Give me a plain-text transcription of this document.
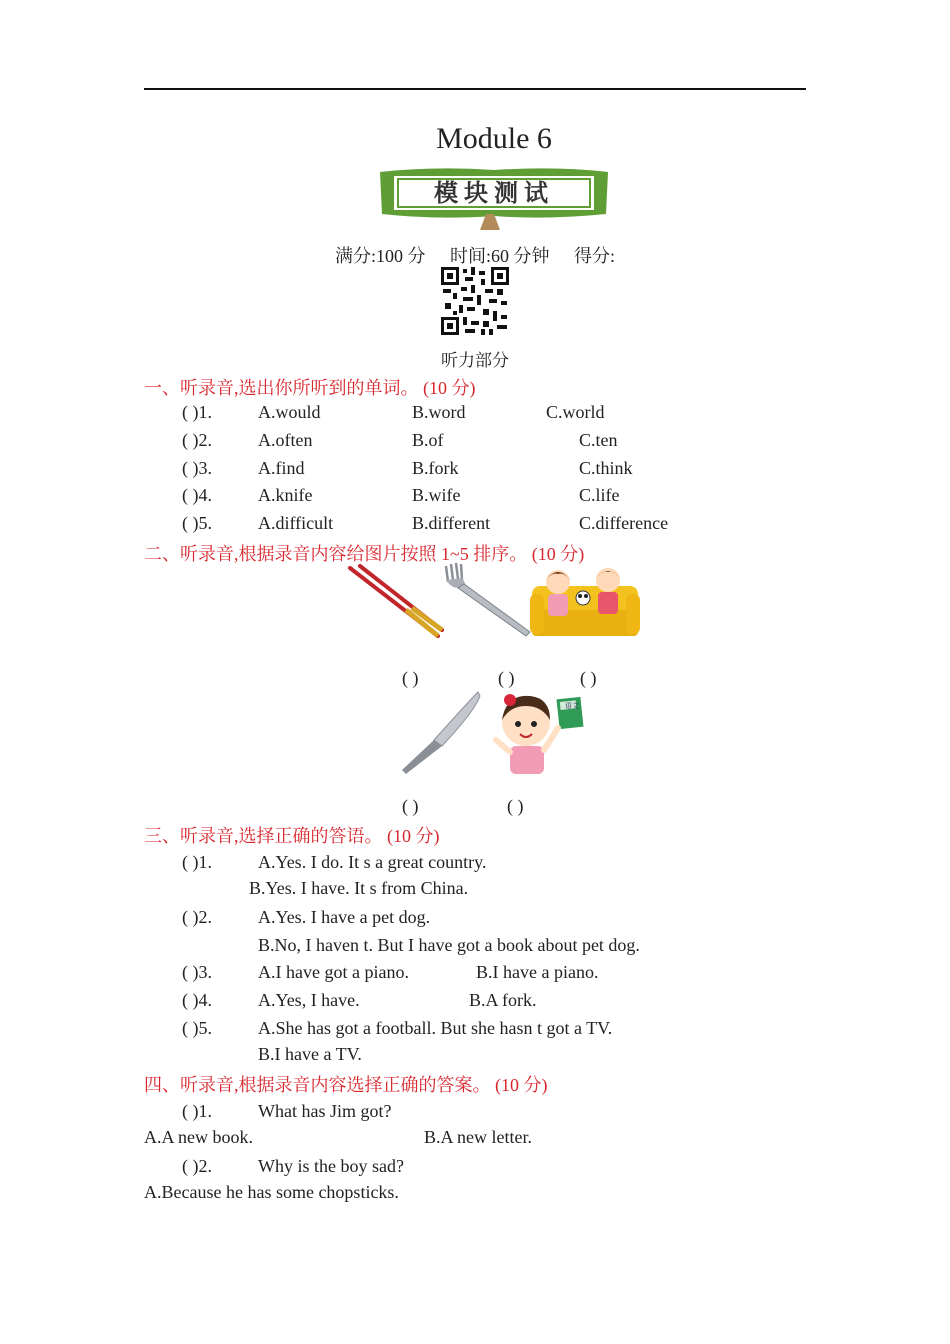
Module 6
模块测试
满分:100 分 时间:60 分钟 得分:
听力部分
一、听录音,选出你所听到的单词。 (10 分)
( )1.	A.would	B.word	C.world
( )2.	A.often	B.of	C.ten
( )3.	A.find	B.fork	C.think
( )4.	A.knife	B.wife	C.life
( )5.	A.difficult	B.different	C.difference
二、听录音,根据录音内容给图片按照 1~5 排序。 (10 分)
( )	( )	( )
语文
( )	( )
三、听录音,选择正确的答语。 (10 分)
( )1.	A.Yes. I do. It s a great country.
B.Yes. I have. It s from China.
( )2.	A.Yes. I have a pet dog.
B.No, I haven t. But I have got a book about pet dog.
( )3.	A.I have got a piano.	B.I have a piano.
( )4.	A.Yes, I have.	B.A fork.
( )5.	A.She has got a football. But she hasn t got a TV.
B.I have a TV.
四、听录音,根据录音内容选择正确的答案。 (10 分)
( )1.	What has Jim got?
A.A new book.	B.A new letter.
( )2.	Why is the boy sad?
A.Because he has some chopsticks.
